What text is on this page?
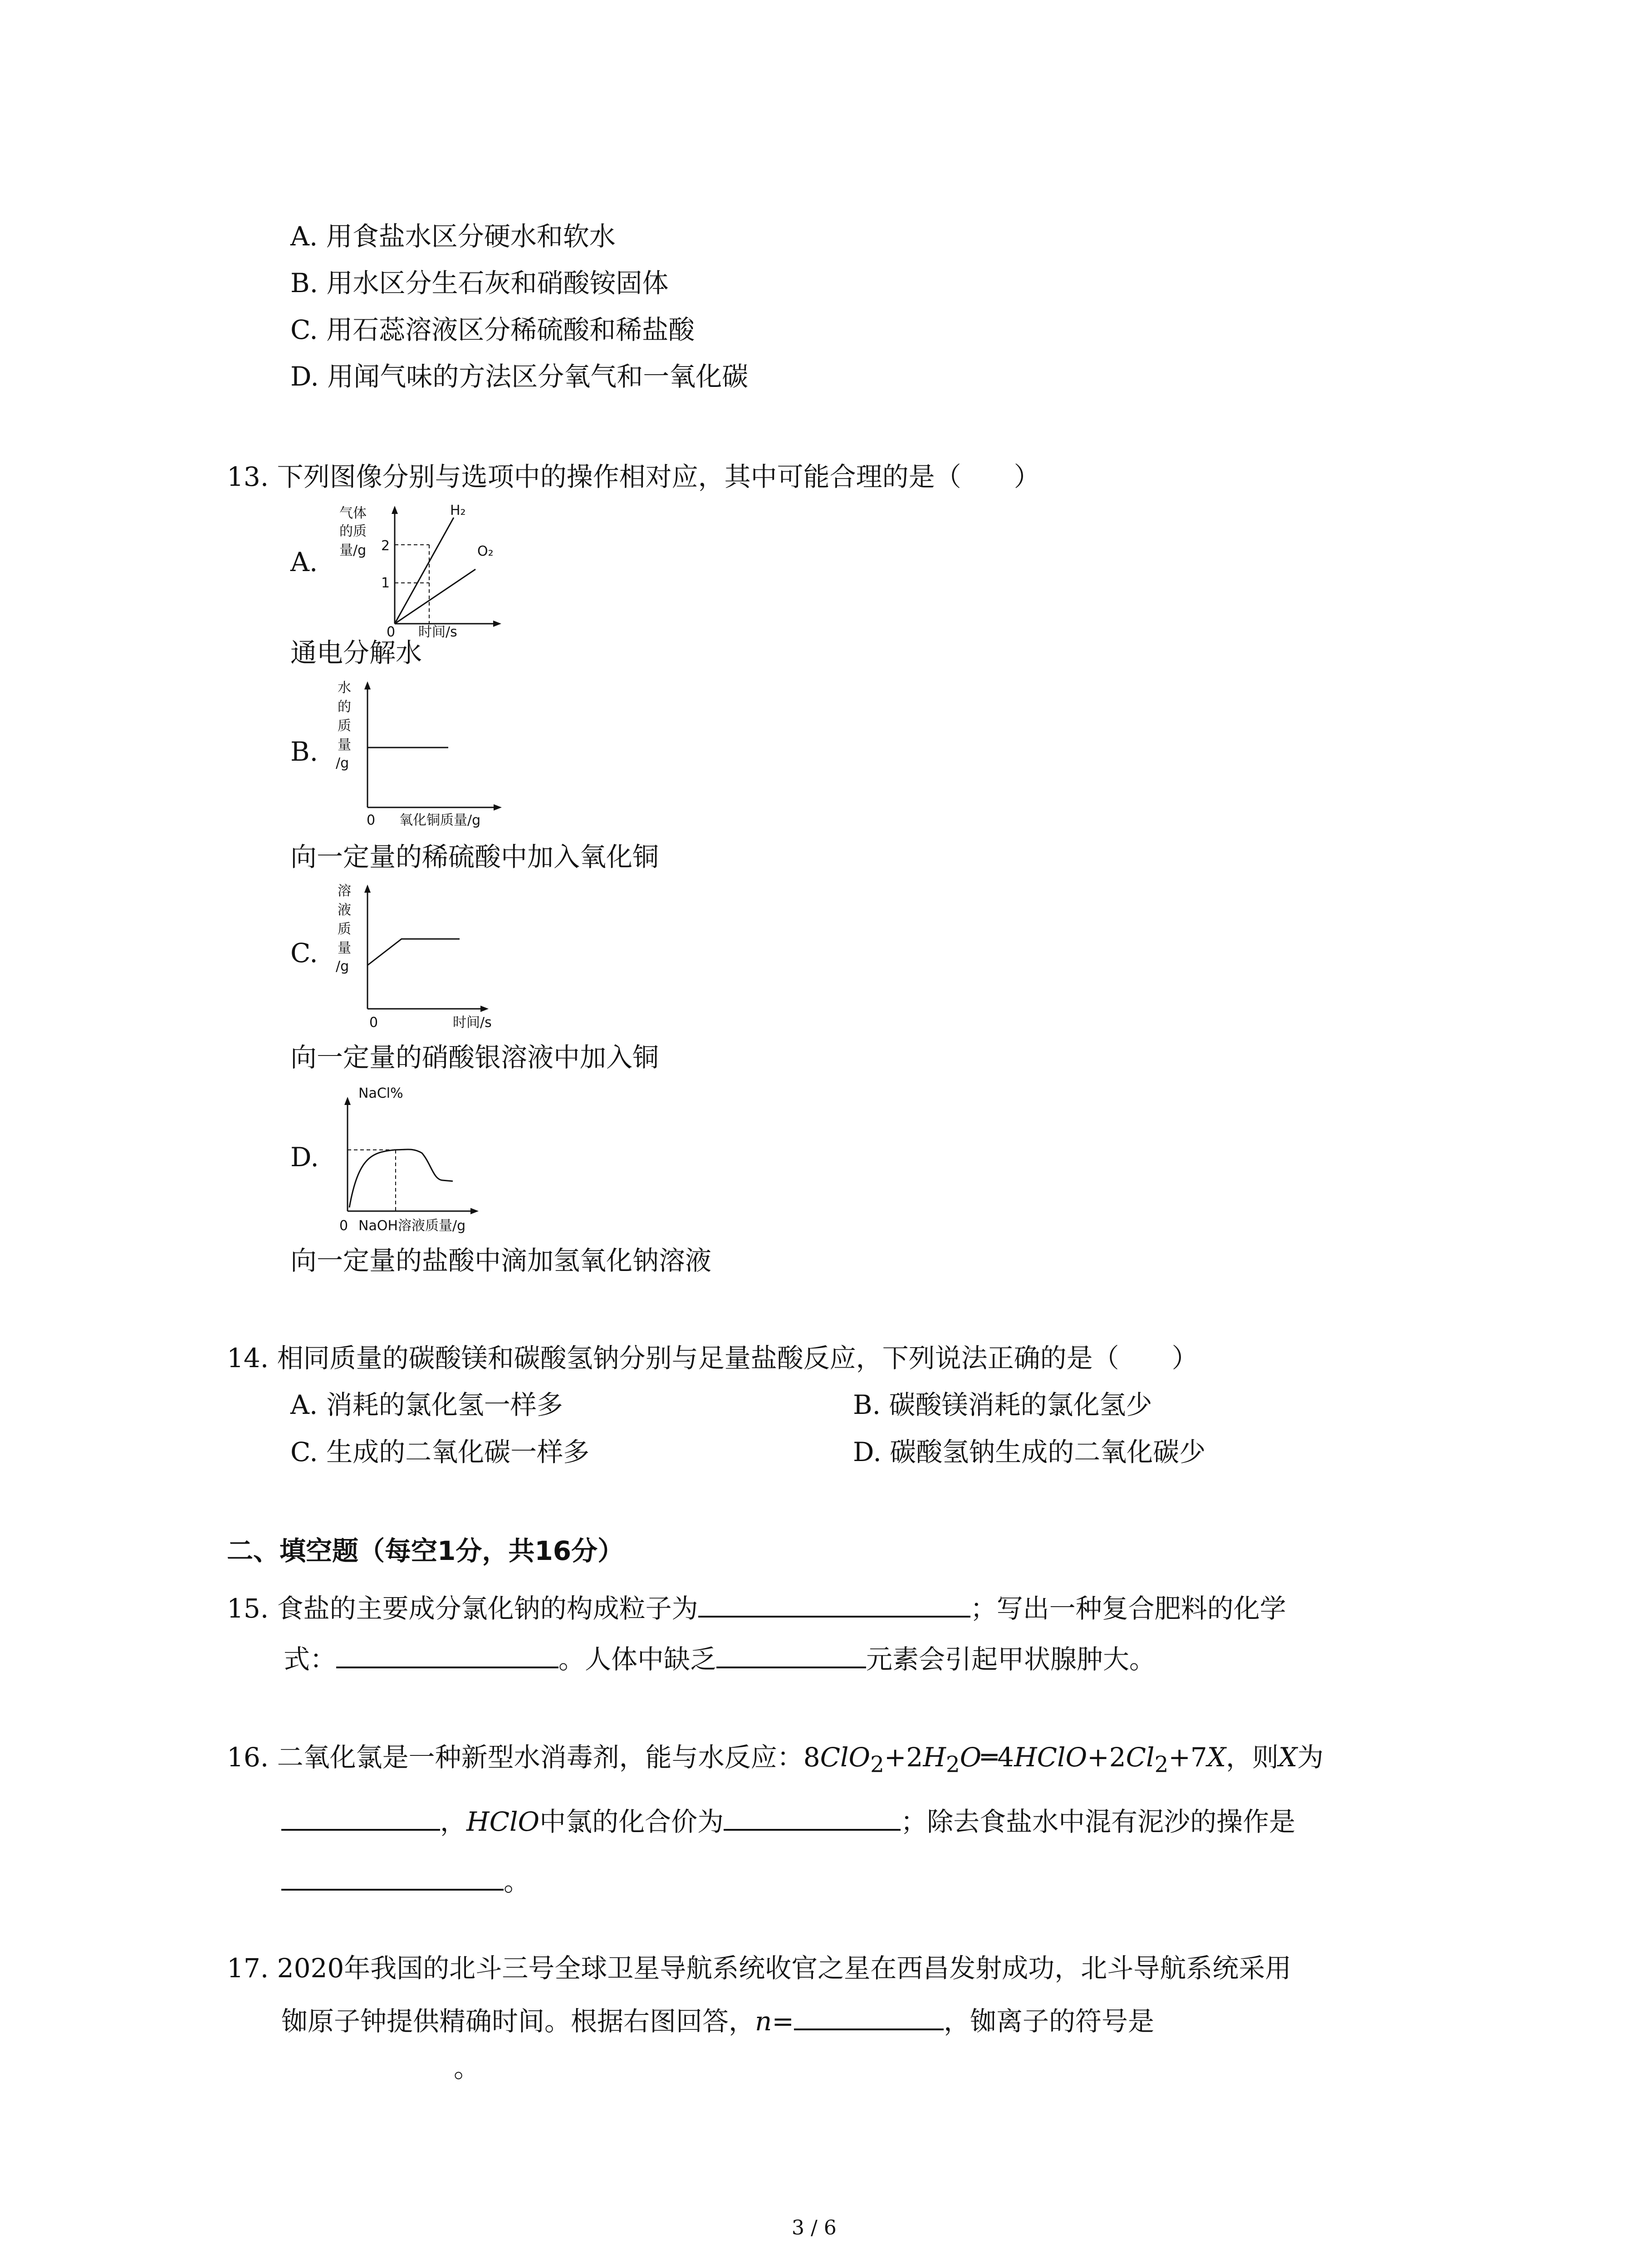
A. 用食盐水区分硬水和软水
B. 用水区分生石灰和硝酸铵固体
C. 用石蕊溶液区分稀硫酸和稀盐酸
D. 用闻气味的方法区分氧气和一氧化碳
13. 下列图像分别与选项中的操作相对应，其中可能合理的是（　　）
A.
气体
的质
量/g 2
1
H₂
O₂
0 时间/s
通电分解水
B.
水
的
质
量
/g
0 氧化铜质量/g
向一定量的稀硫酸中加入氧化铜
C.
溶
液
质
量
/g
0	时间/s
向一定量的硝酸银溶液中加入铜
D.
NaCl%
0 NaOH溶液质量/g
向一定量的盐酸中滴加氢氧化钠溶液
14. 相同质量的碳酸镁和碳酸氢钠分别与足量盐酸反应，下列说法正确的是（　　）
A. 消耗的氯化氢一样多	B. 碳酸镁消耗的氯化氢少
C. 生成的二氧化碳一样多	D. 碳酸氢钠生成的二氧化碳少
二、填空题（每空1分，共16分）
15. 食盐的主要成分氯化钠的构成粒子为	；写出一种复合肥料的化学
式：	。人体中缺乏	元素会引起甲状腺肿大。
16. 二氧化氯是一种新型水消毒剂，能与水反应：$8ClO_2+2H_2O═4HClO+2Cl_2+7X$，则X为
，HClO中氯的化合价为	；除去食盐水中混有泥沙的操作是
。
17. 2020年我国的北斗三号全球卫星导航系统收官之星在西昌发射成功，北斗导航系统采用
铷原子钟提供精确时间。根据右图回答，n=	，铷离子的符号是
。
3 / 6
